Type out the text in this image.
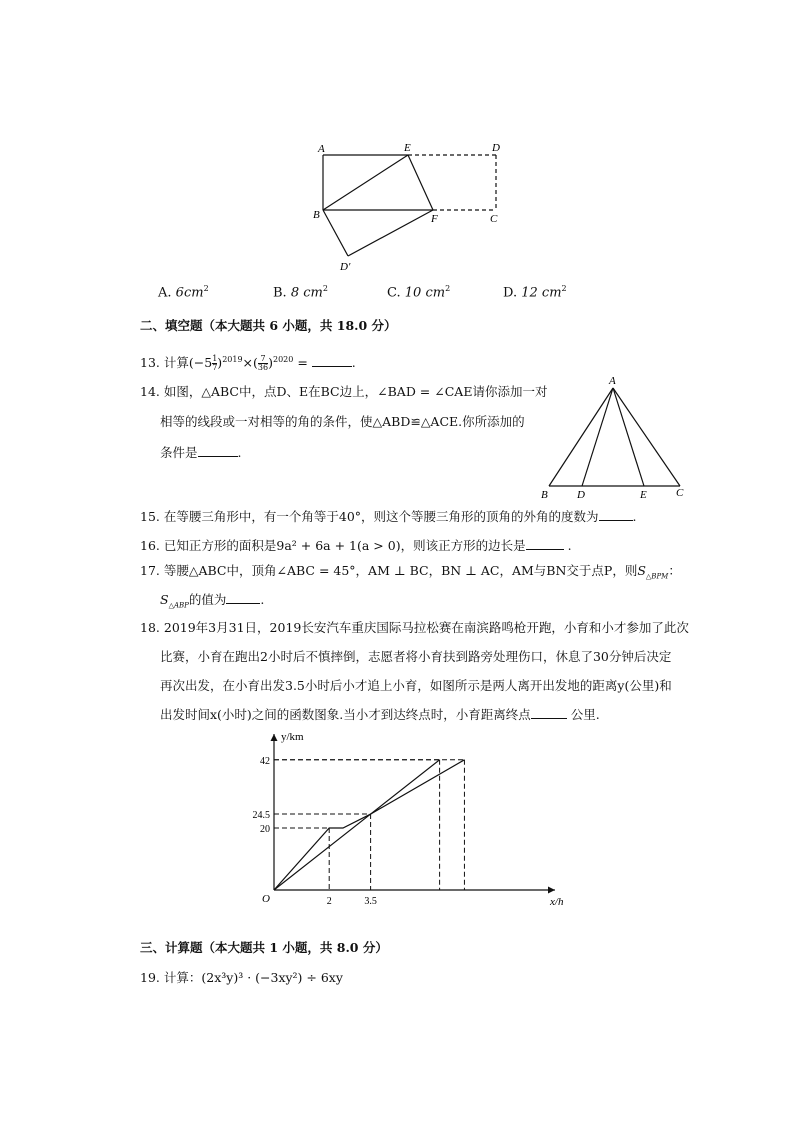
A	E	D
B	F	C
D′
A. $6cm^2$	B. 8 $cm^2$	C. 10 $cm^2$	D. 12 $cm^2$
二、填空题（本大题共 6 小题，共 18.0 分）
13. 计算$(-5 \frac{1}{7} )^{2019}\times( \frac{7}{36} )^{2020}$ =	.
14. 如图，△ABC中，点D、E在BC边上，∠BAD = ∠CAE请你添加一对
相等的线段或一对相等的角的条件，使△ABD≌△ACE.你所添加的
条件是	.
A
B	D	E	C
15. 在等腰三角形中，有一个角等于40°，则这个等腰三角形的顶角的外角的度数为	.
16. 已知正方形的面积是9a² + 6a + 1(a > 0)，则该正方形的边长是	.
17. 等腰△ABC中，顶角∠ABC = 45°，AM ⊥ BC，BN ⊥ AC，AM与BN交于点P，则$S_{\triangle BPM}$：
$S_{\triangle ABP}$的值为	.
18. 2019年3月31日，2019长安汽车重庆国际马拉松赛在南滨路鸣枪开跑，小育和小才参加了此次
比赛，小育在跑出2小时后不慎摔倒，志愿者将小育扶到路旁处理伤口，休息了30分钟后决定
再次出发，在小育出发3.5小时后小才追上小育，如图所示是两人离开出发地的距离y(公里)和
出发时间x(小时)之间的函数图象.当小才到达终点时，小育距离终点	公里.
y/km
x/h
O	2	3.5
20
24.5
42
三、计算题（本大题共 1 小题，共 8.0 分）
19. 计算：(2x³y)³ · (−3xy²) ÷ 6xy
